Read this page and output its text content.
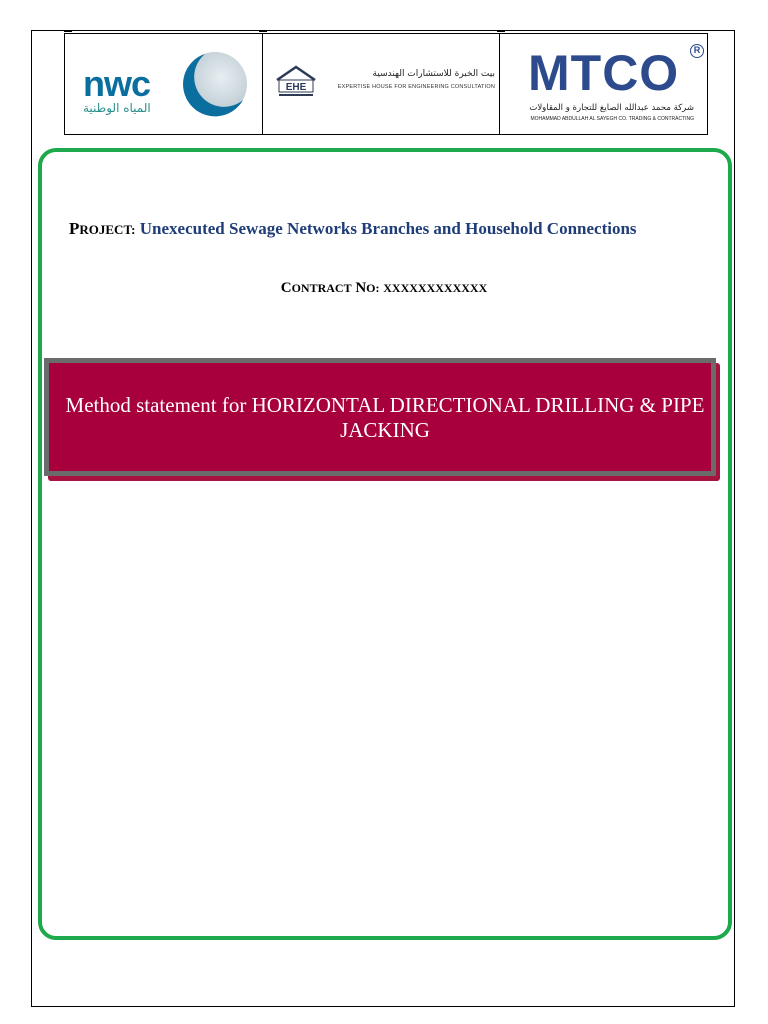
nwc
المياه الوطنية
EHE
بيت الخبرة للاستشارات الهندسية
EXPERTISE HOUSE FOR ENGINEERING CONSULTATION MTCO	R
شركة محمد عبدالله الصايغ للتجارة و المقاولات
MOHAMMAD ABDULLAH AL SAYEGH CO. TRADING & CONTRACTING
PROJECT: Unexecuted Sewage Networks Branches and Household Connections
CONTRACT NO: XXXXXXXXXXXX
Method statement for HORIZONTAL DIRECTIONAL DRILLING & PIPE JACKING
